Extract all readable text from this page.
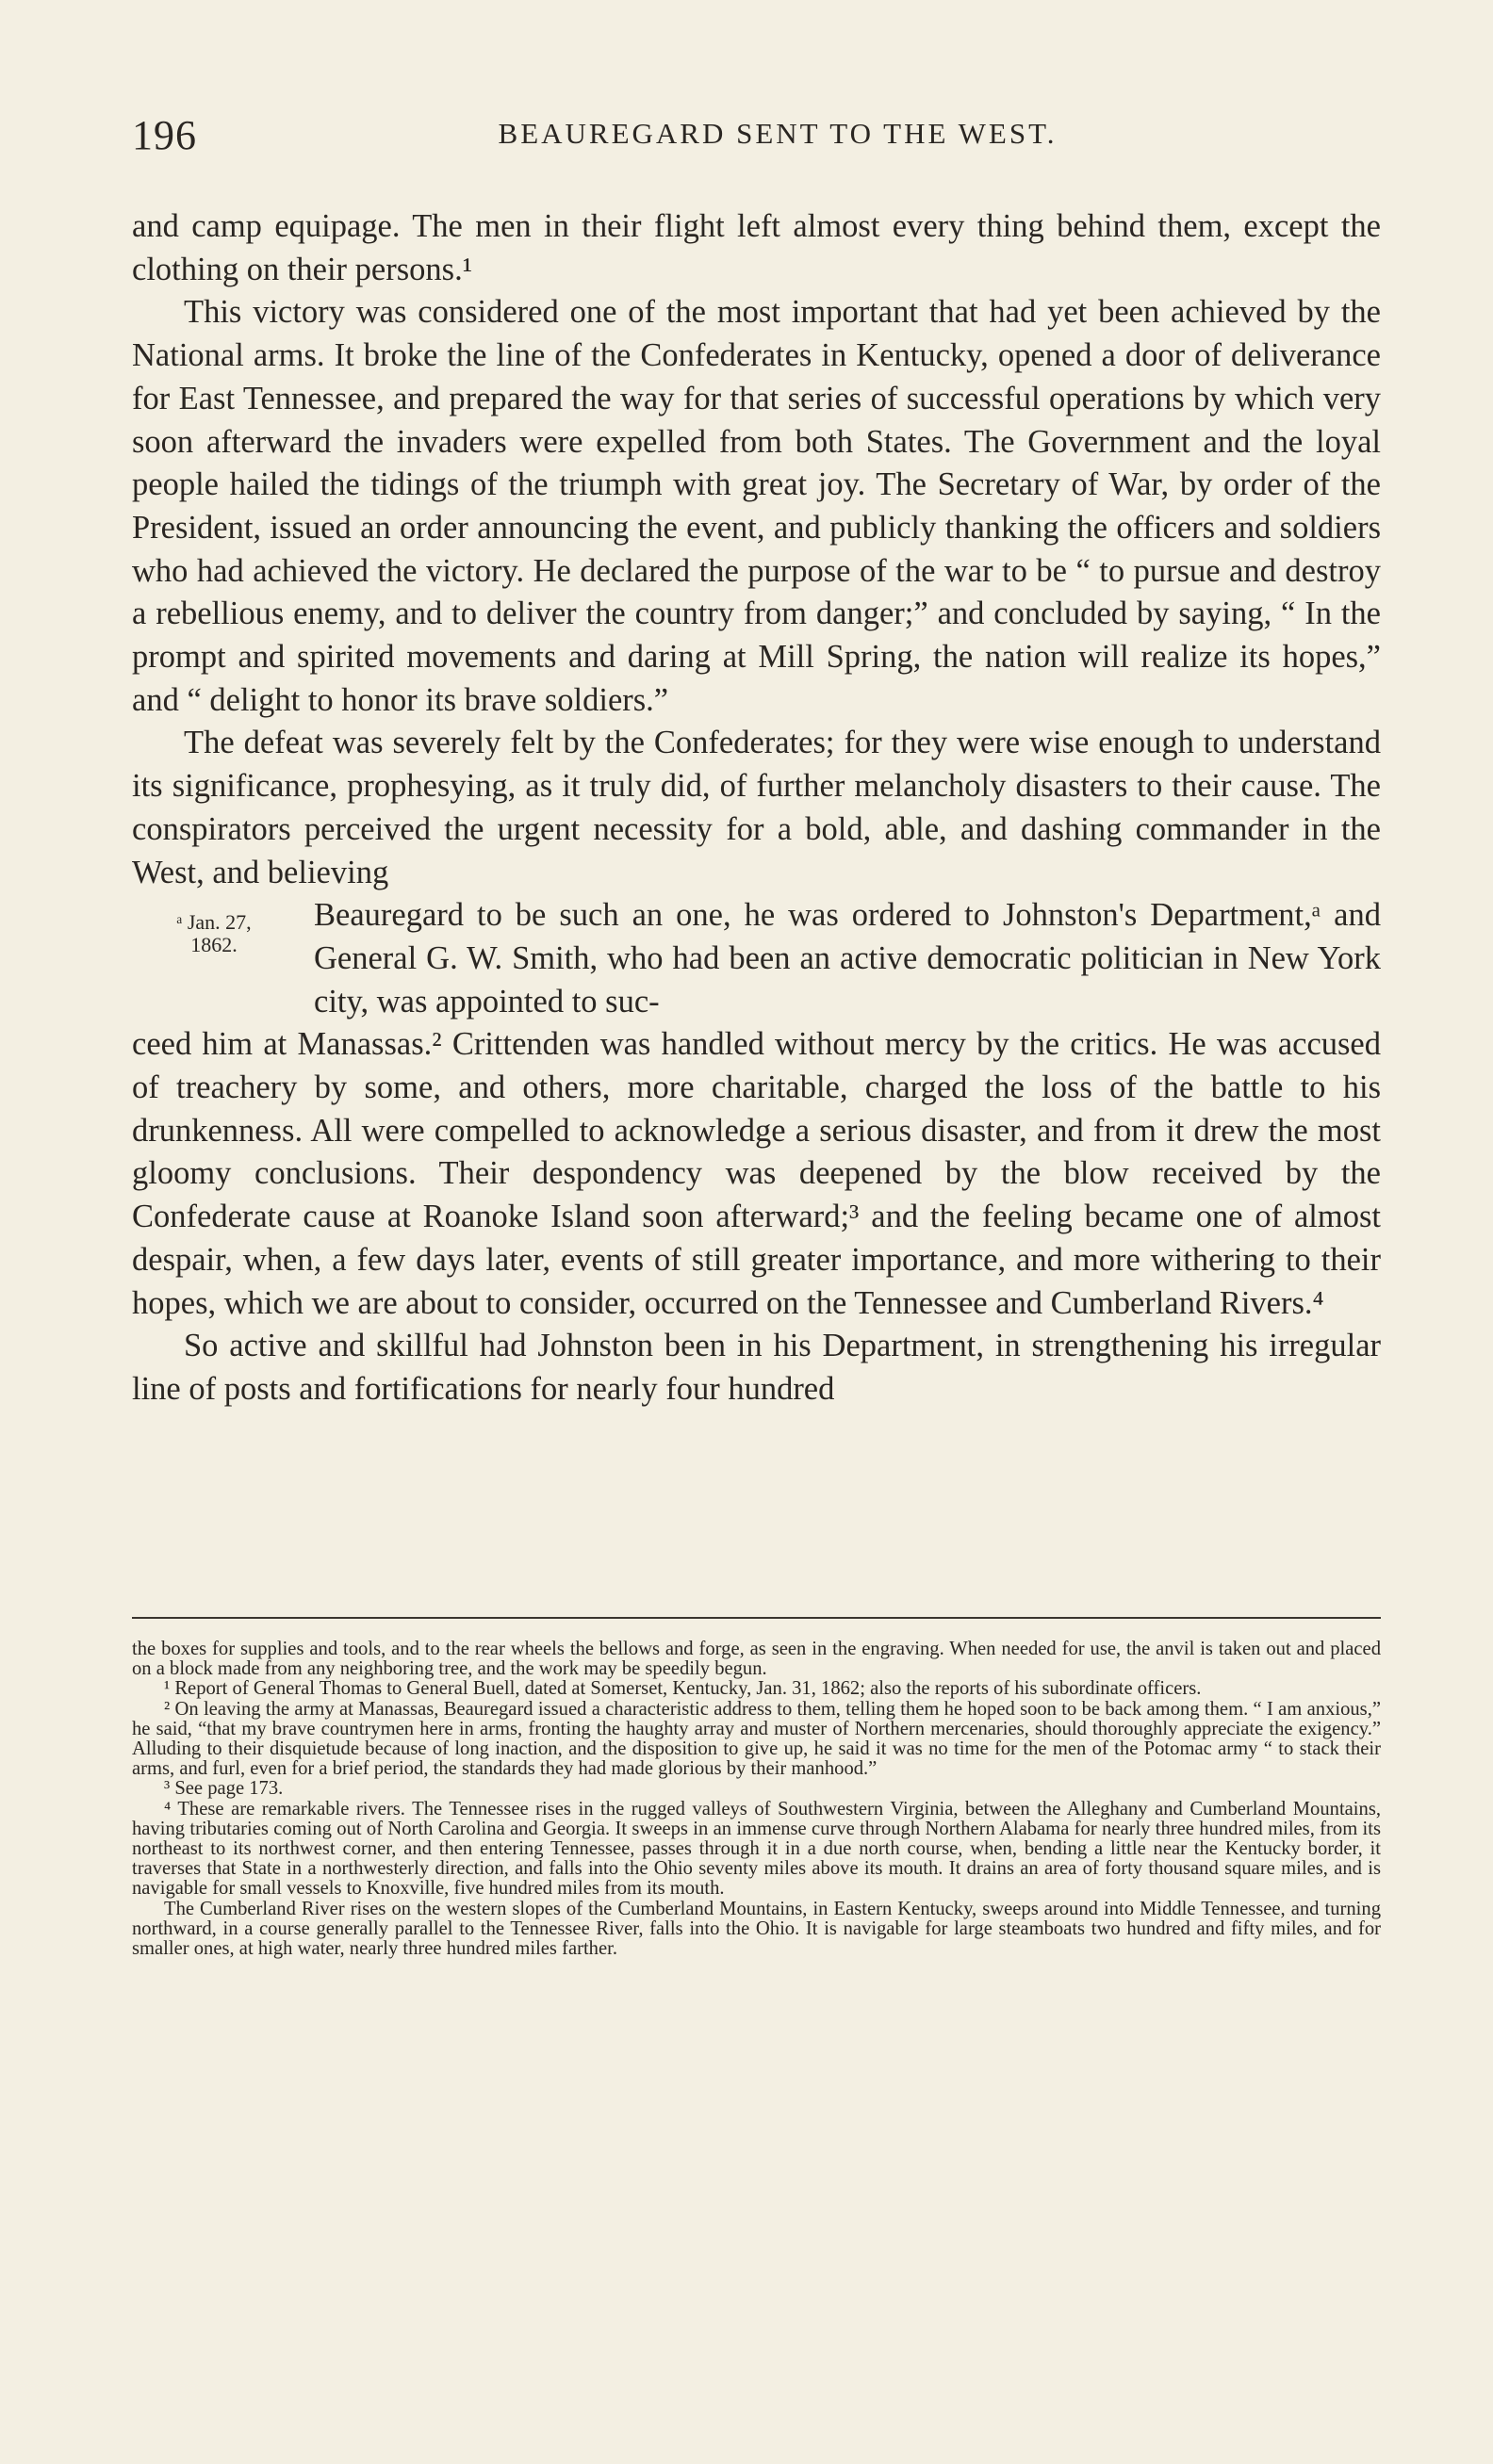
196	BEAUREGARD SENT TO THE WEST.

and camp equipage. The men in their flight left almost every thing behind them, except the clothing on their persons.¹

This victory was considered one of the most important that had yet been achieved by the National arms. It broke the line of the Confederates in Kentucky, opened a door of deliverance for East Tennessee, and prepared the way for that series of successful operations by which very soon afterward the invaders were expelled from both States. The Government and the loyal people hailed the tidings of the triumph with great joy. The Secretary of War, by order of the President, issued an order announcing the event, and publicly thanking the officers and soldiers who had achieved the victory. He declared the purpose of the war to be “ to pursue and destroy a rebellious enemy, and to deliver the country from danger;” and concluded by saying, “ In the prompt and spirited movements and daring at Mill Spring, the nation will realize its hopes,” and “ delight to honor its brave soldiers.”

The defeat was severely felt by the Confederates; for they were wise enough to understand its significance, prophesying, as it truly did, of further melancholy disasters to their cause. The conspirators perceived the urgent necessity for a bold, able, and dashing commander in the West, and believing

ᵃ Jan. 27,
1862.

Beauregard to be such an one, he was ordered to Johnston's Department,ᵃ and General G. W. Smith, who had been an active democratic politician in New York city, was appointed to suc-

ceed him at Manassas.² Crittenden was handled without mercy by the critics. He was accused of treachery by some, and others, more charitable, charged the loss of the battle to his drunkenness. All were compelled to acknowledge a serious disaster, and from it drew the most gloomy conclusions. Their despondency was deepened by the blow received by the Confederate cause at Roanoke Island soon afterward;³ and the feeling became one of almost despair, when, a few days later, events of still greater importance, and more withering to their hopes, which we are about to consider, occurred on the Tennessee and Cumberland Rivers.⁴

So active and skillful had Johnston been in his Department, in strengthening his irregular line of posts and fortifications for nearly four hundred

the boxes for supplies and tools, and to the rear wheels the bellows and forge, as seen in the engraving. When needed for use, the anvil is taken out and placed on a block made from any neighboring tree, and the work may be speedily begun.

¹ Report of General Thomas to General Buell, dated at Somerset, Kentucky, Jan. 31, 1862; also the reports of his subordinate officers.

² On leaving the army at Manassas, Beauregard issued a characteristic address to them, telling them he hoped soon to be back among them. “ I am anxious,” he said, “that my brave countrymen here in arms, fronting the haughty array and muster of Northern mercenaries, should thoroughly appreciate the exigency.” Alluding to their disquietude because of long inaction, and the disposition to give up, he said it was no time for the men of the Potomac army “ to stack their arms, and furl, even for a brief period, the standards they had made glorious by their manhood.”

³ See page 173.

⁴ These are remarkable rivers. The Tennessee rises in the rugged valleys of Southwestern Virginia, between the Alleghany and Cumberland Mountains, having tributaries coming out of North Carolina and Georgia. It sweeps in an immense curve through Northern Alabama for nearly three hundred miles, from its northeast to its northwest corner, and then entering Tennessee, passes through it in a due north course, when, bending a little near the Kentucky border, it traverses that State in a northwesterly direction, and falls into the Ohio seventy miles above its mouth. It drains an area of forty thousand square miles, and is navigable for small vessels to Knoxville, five hundred miles from its mouth.

The Cumberland River rises on the western slopes of the Cumberland Mountains, in Eastern Kentucky, sweeps around into Middle Tennessee, and turning northward, in a course generally parallel to the Tennessee River, falls into the Ohio. It is navigable for large steamboats two hundred and fifty miles, and for smaller ones, at high water, nearly three hundred miles farther.
